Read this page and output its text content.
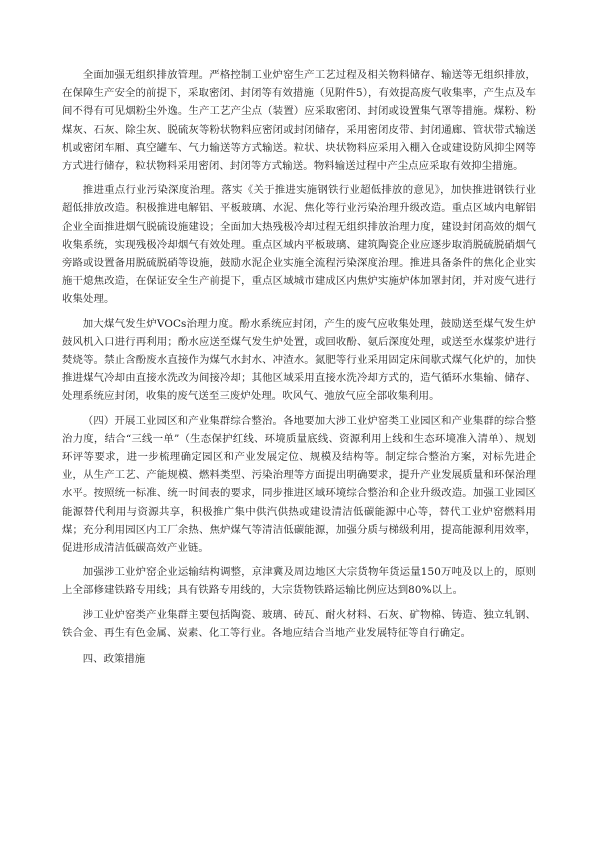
全面加强无组织排放管理。严格控制工业炉窑生产工艺过程及相关物料储存、输送等无组织排放，在保障生产安全的前提下，采取密闭、封闭等有效措施（见附件5），有效提高废气收集率，产生点及车间不得有可见烟粉尘外逸。生产工艺产尘点（装置）应采取密闭、封闭或设置集气罩等措施。煤粉、粉煤灰、石灰、除尘灰、脱硫灰等粉状物料应密闭或封闭储存，采用密闭皮带、封闭通廊、管状带式输送机或密闭车厢、真空罐车、气力输送等方式输送。粒状、块状物料应采用入棚入仓或建设防风抑尘网等方式进行储存，粒状物料采用密闭、封闭等方式输送。物料输送过程中产尘点应采取有效抑尘措施。

推进重点行业污染深度治理。落实《关于推进实施钢铁行业超低排放的意见》，加快推进钢铁行业超低排放改造。积极推进电解铝、平板玻璃、水泥、焦化等行业污染治理升级改造。重点区域内电解铝企业全面推进烟气脱硫设施建设；全面加大热残极冷却过程无组织排放治理力度，建设封闭高效的烟气收集系统，实现残极冷却烟气有效处理。重点区域内平板玻璃、建筑陶瓷企业应逐步取消脱硫脱硝烟气旁路或设置备用脱硫脱硝等设施，鼓励水泥企业实施全流程污染深度治理。推进具备条件的焦化企业实施干熄焦改造，在保证安全生产前提下，重点区域城市建成区内焦炉实施炉体加罩封闭，并对废气进行收集处理。

加大煤气发生炉VOCs治理力度。酚水系统应封闭，产生的废气应收集处理，鼓励送至煤气发生炉鼓风机入口进行再利用；酚水应送至煤气发生炉处置，或回收酚、氨后深度处理，或送至水煤浆炉进行焚烧等。禁止含酚废水直接作为煤气水封水、冲渣水。氮肥等行业采用固定床间歇式煤气化炉的，加快推进煤气冷却由直接水洗改为间接冷却；其他区域采用直接水洗冷却方式的，造气循环水集输、储存、处理系统应封闭，收集的废气送至三废炉处理。吹风气、弛放气应全部收集利用。

（四）开展工业园区和产业集群综合整治。各地要加大涉工业炉窑类工业园区和产业集群的综合整治力度，结合“三线一单”（生态保护红线、环境质量底线、资源利用上线和生态环境准入清单）、规划环评等要求，进一步梳理确定园区和产业发展定位、规模及结构等。制定综合整治方案，对标先进企业，从生产工艺、产能规模、燃料类型、污染治理等方面提出明确要求，提升产业发展质量和环保治理水平。按照统一标准、统一时间表的要求，同步推进区域环境综合整治和企业升级改造。加强工业园区能源替代利用与资源共享，积极推广集中供汽供热或建设清洁低碳能源中心等，替代工业炉窑燃料用煤；充分利用园区内工厂余热、焦炉煤气等清洁低碳能源，加强分质与梯级利用，提高能源利用效率，促进形成清洁低碳高效产业链。

加强涉工业炉窑企业运输结构调整，京津冀及周边地区大宗货物年货运量150万吨及以上的，原则上全部修建铁路专用线；具有铁路专用线的，大宗货物铁路运输比例应达到80%以上。

涉工业炉窑类产业集群主要包括陶瓷、玻璃、砖瓦、耐火材料、石灰、矿物棉、铸造、独立轧钢、铁合金、再生有色金属、炭素、化工等行业。各地应结合当地产业发展特征等自行确定。

四、政策措施
